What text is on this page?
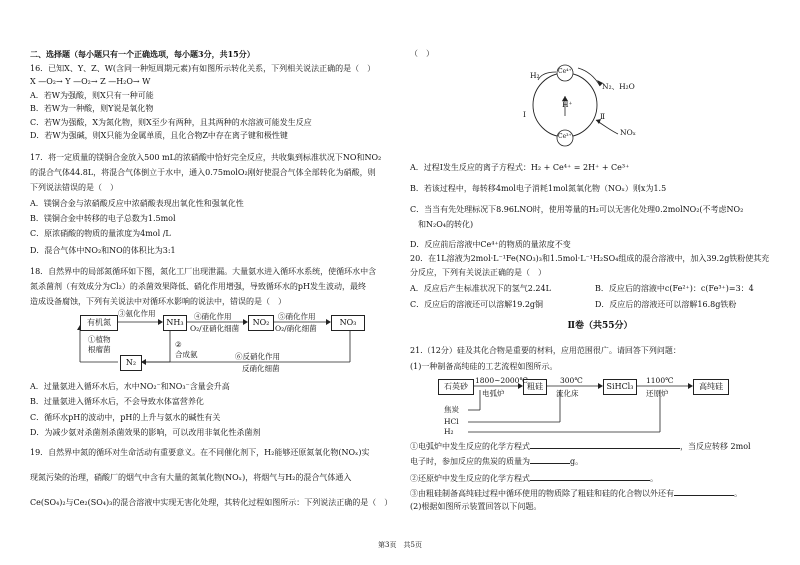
二、选择题（每小题只有一个正确选项，每小题3分，共15分）
16．已知X、Y、Z、W(含同一种短周期元素)有如图所示转化关系，下列相关说法正确的是（　）
X —O₂→ Y —O₂→ Z —H₂O→ W
A．若W为强酸，则X只有一种可能
B．若W为一种酸，则Y说是氧化物
C．若W为强酸，X为氮化物，则X至少有两种，且其两种的水溶液可能发生反应
D．若W为强碱，则X只能为金属单质，且化合物Z中存在离子键和极性键
17．将一定质量的镁铜合金放入500 mL的浓硝酸中恰好完全反应，共收集到标准状况下NO和NO₂
的混合气体44.8L，将混合气体倒立于水中，通入0.75molO₂刚好使混合气体全部转化为硝酸，则
下列说法错误的是（　）
A．镁铜合金与浓硝酸反应中浓硝酸表现出氧化性和强氧化性
B．镁铜合金中转移的电子总数为1.5mol
C．原浓硝酸的物质的量浓度为4mol /L
D．混合气体中NO₂和NO的体积比为3:1
18．自然界中的局部氮循环如下图，氮化工厂出现泄漏。大量氨水进入循环水系统，使循环水中含
氮杀菌剂（有效成分为Cl₂）的杀菌效果降低、硝化作用增强，导致循环水的pH发生波动，最终
造成设备腐蚀，下列有关说法中对循环水影响的说法中，错误的是（　）
有机氮	NH₃	NO₂	NO₃
N₂
③氨化作用	④硝化作用
O₂/亚硝化细菌
⑤硝化作用
O₂/硝化细菌
①植物
根瘤菌
②
合成氨	⑥反硝化作用
反硝化细菌
A．过量氨进入循环水后，水中NO₂⁻和NO₃⁻含量会升高
B．过量氨进入循环水后，不会导致水体富营养化
C．循环水pH的波动中，pH的上升与氨水的碱性有关
D．为减少氨对杀菌剂杀菌效果的影响，可以改用非氧化性杀菌剂
19．自然界中氮的循环对生命活动有重要意义。在不同催化剂下，H₂能够还原氮氧化物(NOₓ)实
现氮污染的治理，硝酸厂的烟气中含有大量的氮氧化物(NOₓ)，将烟气与H₂的混合气体通入
Ce(SO₄)₂与Ce₂(SO₄)₃的混合溶液中实现无害化处理，其转化过程如图所示：下列说法正确的是（　）
（　）
H₂	Ce⁴⁺
H⁺
Ce³⁺
N₂、H₂O
NOₓ
Ⅰ	Ⅱ
A．过程Ⅰ发生反应的离子方程式：H₂ + Ce⁴⁺ = 2H⁺ + Ce³⁺
B．若该过程中，每转移4mol电子消耗1mol氮氧化物（NOₓ）则x为1.5
C．当当有先处理标况下8.96LNO时，使用等量的H₂可以无害化处理0.2molNO₂(不考虑NO₂
　和N₂O₄的转化)
D．反应前后溶液中Ce⁴⁺的物质的量浓度不变
20．在1L溶液为2mol·L⁻¹Fe(NO₃)₃和1.5mol·L⁻¹H₂SO₄组成的混合溶液中，加入39.2g铁粉使其充
分反应，下列有关说法正确的是（　）
A．反应后产生标准状况下的氢气2.24L	B．反应后的溶液中c(Fe²⁺)：c(Fe³⁺)=3：4
C．反应后的溶液还可以溶解19.2g铜	D．反应后的溶液还可以溶解16.8g铁粉
Ⅱ卷（共55分）
21.（12分）硅及其化合物是重要的材料，应用范围很广。请回答下列问题：
(1)一种制备高纯硅的工艺流程如图所示。
石英砂	粗硅	SiHCl₃	高纯硅
1800~2000℃
电弧炉
300℃
流化床
1100℃
还原炉
焦炭
HCl
H₂
①电弧炉中发生反应的化学方程式	，当反应转移 2mol
电子时，参加反应的焦炭的质量为	g。
②还原炉中发生反应的化学方程式	。
③由粗硅制备高纯硅过程中循环使用的物质除了粗硅和硅的化合物以外还有	。
(2)根据如图所示装置回答以下问题。
第3页　共5页
